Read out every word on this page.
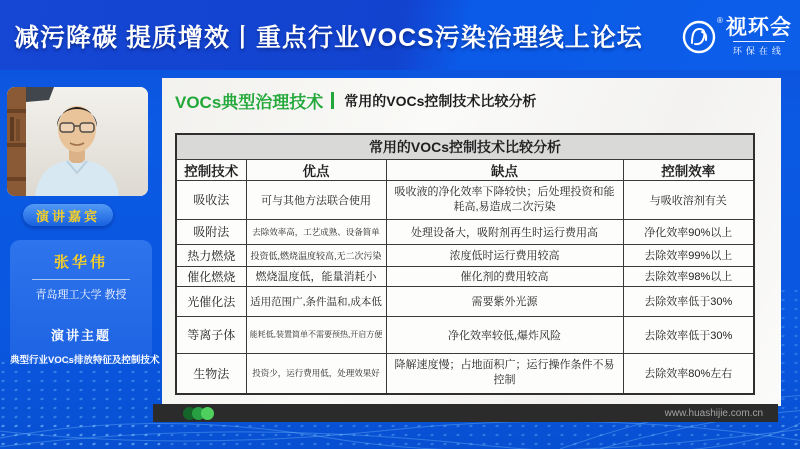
减污降碳 提质增效丨重点行业VOCS污染治理线上论坛
® 视环会
环保在线
演讲嘉宾
张华伟
青岛理工大学 教授
演讲主题
典型行业VOCs排放特征及控制技术
VOCs典型治理技术 常用的VOCs控制技术比较分析
常用的VOCs控制技术比较分析			
控制技术	优点	缺点	控制效率

吸收法	可与其他方法联合使用	吸收液的净化效率下降较快；后处理投资和能耗高,易造成二次污染	与吸收溶剂有关

吸附法	去除效率高，工艺成熟、设备简单	处理设备大，吸附剂再生时运行费用高	净化效率90%以上

热力燃烧	投资低,燃烧温度较高,无二次污染	浓度低时运行费用较高	去除效率99%以上

催化燃烧	燃烧温度低，能量消耗小	催化剂的费用较高	去除效率98%以上

光催化法	适用范围广,条件温和,成本低	需要紫外光源	去除效率低于30%

等离子体	能耗低,装置简单不需要预热,开启方便	净化效率较低,爆炸风险	去除效率低于30%

生物法	投资少，运行费用低，处理效果好	降解速度慢；占地面积广；运行操作条件不易控制	去除效率80%左右
www.huashijie.com.cn
